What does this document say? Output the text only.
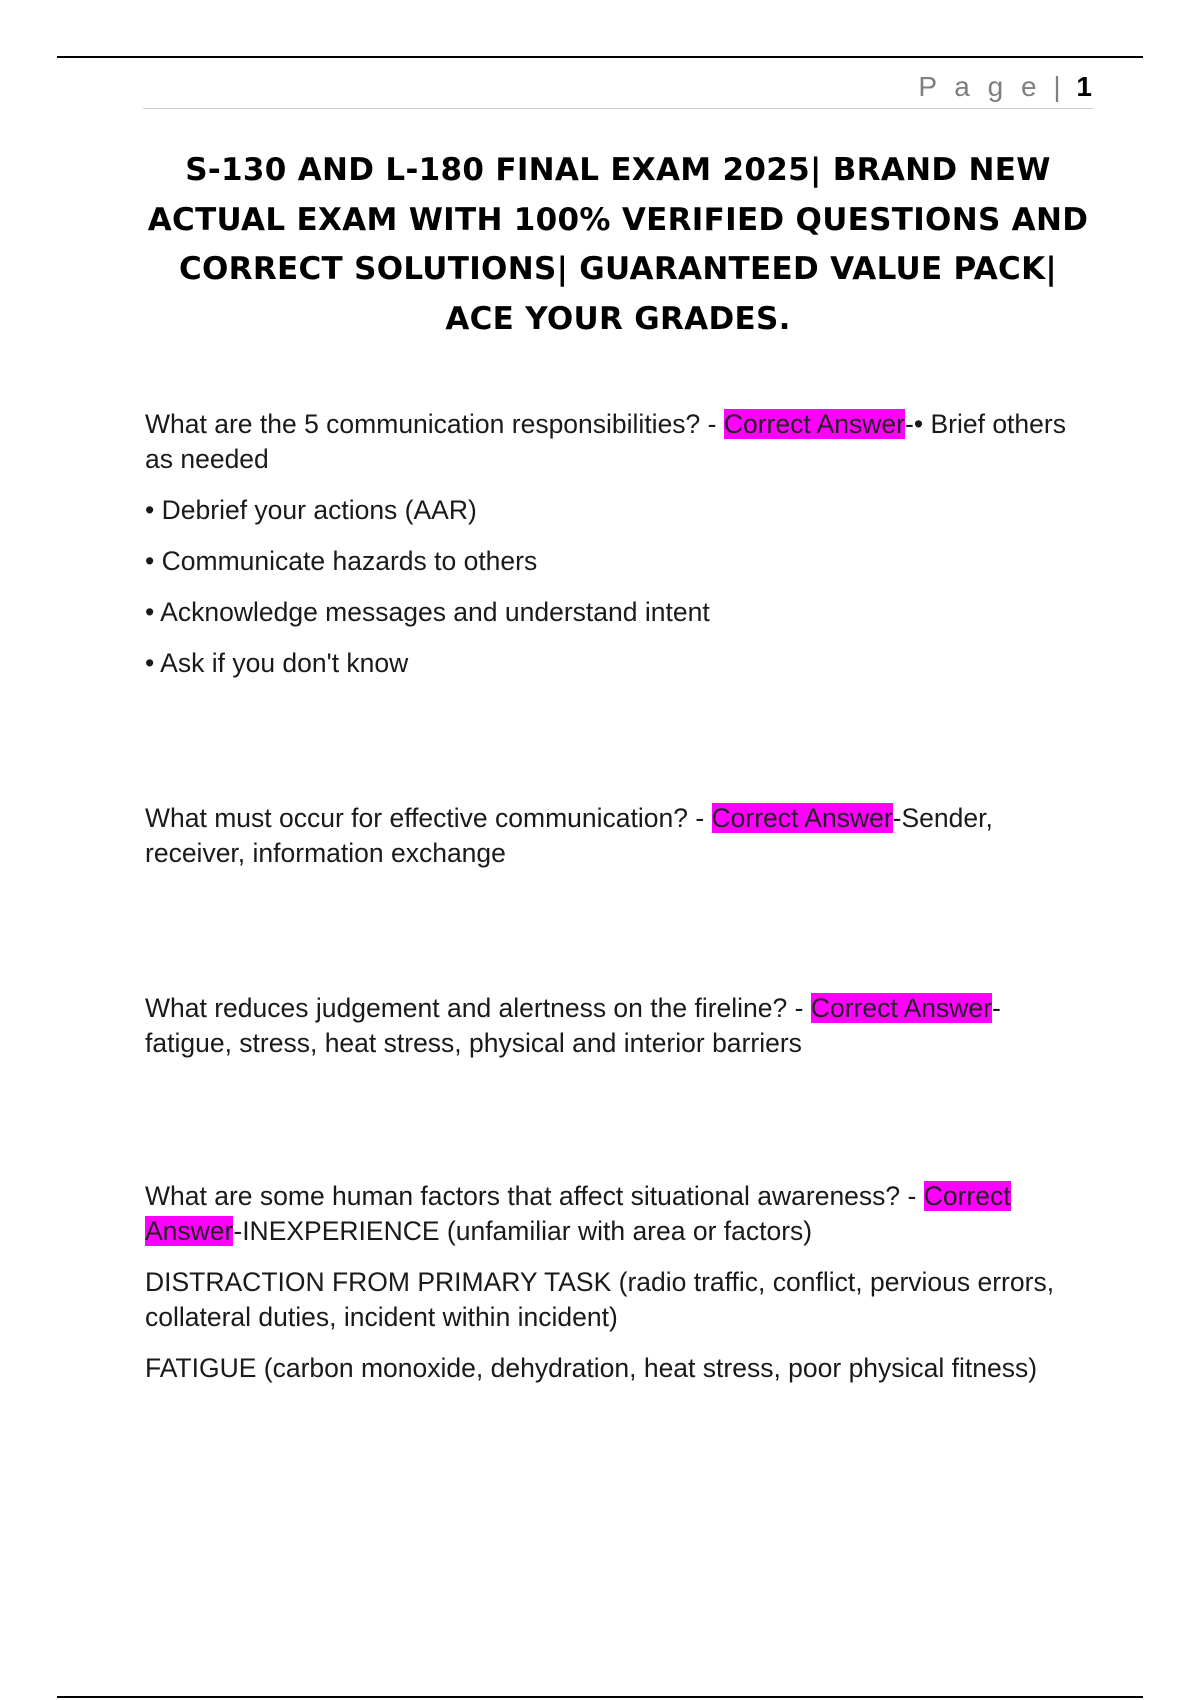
P a g e | 1
S-130 AND L-180 FINAL EXAM 2025| BRAND NEW ACTUAL EXAM WITH 100% VERIFIED QUESTIONS AND CORRECT SOLUTIONS| GUARANTEED VALUE PACK| ACE YOUR GRADES.

What are the 5 communication responsibilities? - Correct Answer-• Brief others as needed

• Debrief your actions (AAR)

• Communicate hazards to others

• Acknowledge messages and understand intent

• Ask if you don't know

What must occur for effective communication? - Correct Answer-Sender, receiver, information exchange

What reduces judgement and alertness on the fireline? - Correct Answer-fatigue, stress, heat stress, physical and interior barriers

What are some human factors that affect situational awareness? - Correct Answer-INEXPERIENCE (unfamiliar with area or factors)

DISTRACTION FROM PRIMARY TASK (radio traffic, conflict, pervious errors, collateral duties, incident within incident)

FATIGUE (carbon monoxide, dehydration, heat stress, poor physical fitness)
